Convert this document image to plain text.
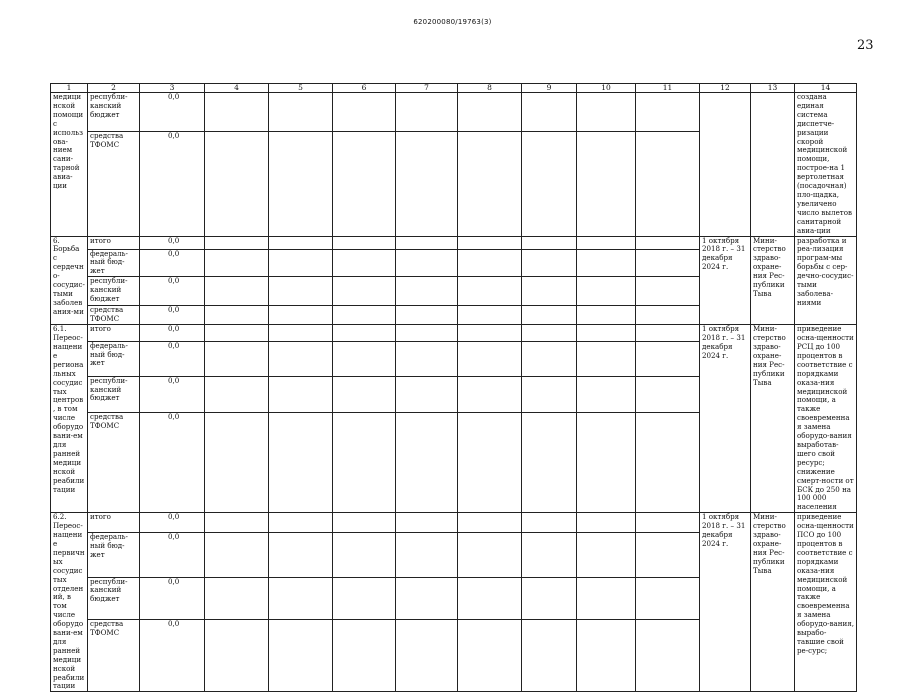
620200080/19763(3)
23
1	2	3	4	5	6	7	8	9	10	11	12	13	14
медицинской помощи с использова-нием сани-тарной авиа-ции	республи-канский бюджет	0,0											создана единая система диспетче-ризации скорой медицинской помощи, построе-на 1 вертолетная (посадочная) пло-щадка, увеличено число вылетов санитарной авиа-ции
	средства ТФОМС	0,0											
6. Борьба с сердечно-сосудис-тыми заболевания-ми	итого	0,0									1 октября 2018 г. – 31 декабря 2024 г.	Мини-стерство здраво-охране-ния Рес-публики Тыва	разработка и реа-лизация програм-мы борьбы с сер-дечно-сосудис-тыми заболева-ниями
	федераль-ный бюд-жет	0,0											
	республи-канский бюджет	0,0											
	средства ТФОМС	0,0											
6.1. Переос-нащение региональных сосудистых центров, в том числе оборудовани-ем для ранней медицинской реабилитации	итого	0,0									1 октября 2018 г. – 31 декабря 2024 г.	Мини-стерство здраво-охране-ния Рес-публики Тыва	приведение осна-щенности РСЦ до 100 процентов в соответствие с порядками оказа-ния медицинской помощи, а также своевременная замена оборудо-вания выработав-шего свой ресурс; снижение смерт-ности от БСК до 250 на 100 000 населения
	федераль-ный бюд-жет	0,0											
	республи-канский бюджет	0,0											
	средства ТФОМС	0,0											
6.2. Переос-нащение первичных сосудистых отделений, в том числе оборудовани-ем для ранней медицинской реабилитации	итого	0,0									1 октября 2018 г. – 31 декабря 2024 г.	Мини-стерство здраво-охране-ния Рес-публики Тыва	приведение осна-щенности ПСО до 100 процентов в соответствие с порядками оказа-ния медицинской помощи, а также своевременная замена оборудо-вания, вырабо-тавшие свой ре-сурс;
	федераль-ный бюд-жет	0,0											
	республи-канский бюджет	0,0											
	средства ТФОМС	0,0											
